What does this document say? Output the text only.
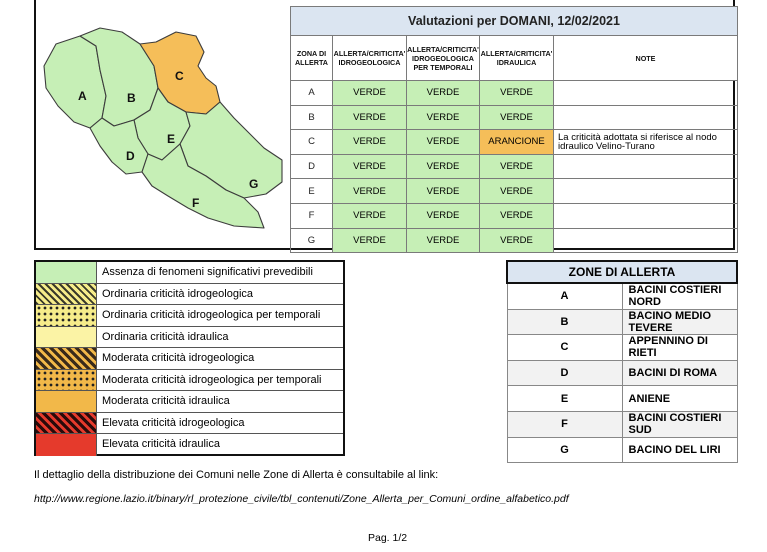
A	B
C
D
E
F
G
Valutazioni per DOMANI, 12/02/2021				
ZONA DI ALLERTA	ALLERTA/CRITICITA' IDROGEOLOGICA	ALLERTA/CRITICITA' IDROGEOLOGICA PER TEMPORALI	ALLERTA/CRITICITA' IDRAULICA	NOTE
A	VERDE	VERDE	VERDE	
B	VERDE	VERDE	VERDE	
C	VERDE	VERDE	ARANCIONE	La criticità adottata si riferisce al nodo idraulico Velino-Turano
D	VERDE	VERDE	VERDE	
E	VERDE	VERDE	VERDE	
F	VERDE	VERDE	VERDE	
G	VERDE	VERDE	VERDE	
Assenza di fenomeni significativi prevedibili
Ordinaria criticità idrogeologica
Ordinaria criticità idrogeologica per temporali
Ordinaria criticità idraulica
Moderata criticità idrogeologica
Moderata criticità idrogeologica per temporali
Moderata criticità idraulica
Elevata criticità idrogeologica
Elevata criticità idraulica
ZONE DI ALLERTA	
A	BACINI COSTIERI NORD
B	BACINO MEDIO TEVERE
C	APPENNINO DI RIETI
D	BACINI DI ROMA
E	ANIENE
F	BACINI COSTIERI SUD
G	BACINO DEL LIRI
Il dettaglio della distribuzione dei Comuni nelle Zone di Allerta è consultabile al link:
http://www.regione.lazio.it/binary/rl_protezione_civile/tbl_contenuti/Zone_Allerta_per_Comuni_ordine_alfabetico.pdf
Pag. 1/2
